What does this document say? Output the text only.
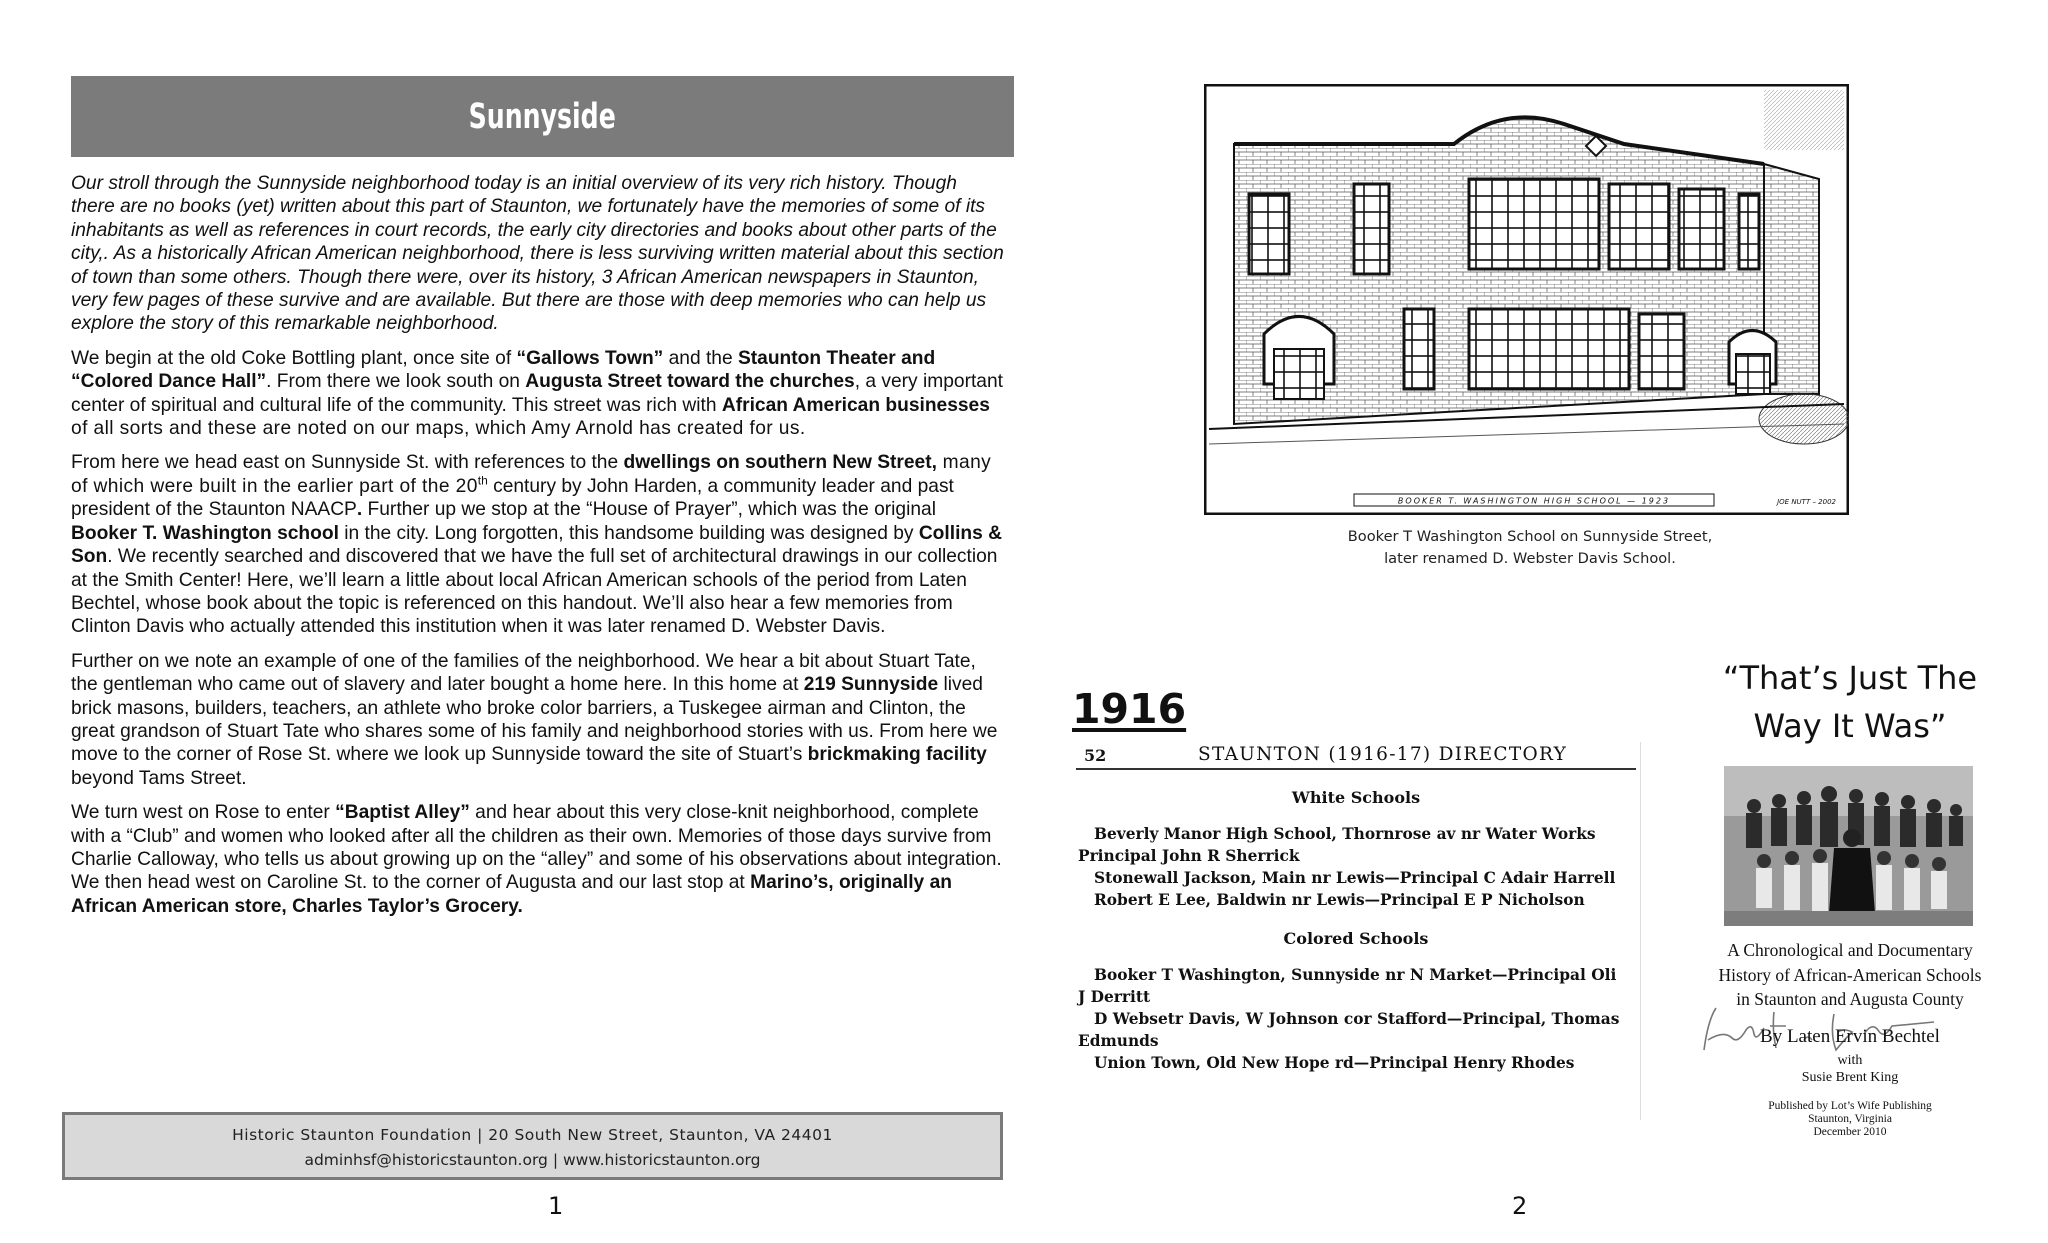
Sunnyside

Our stroll through the Sunnyside neighborhood today is an initial overview of its very rich history. Though there are no books (yet) written about this part of Staunton, we fortunately have the memories of some of its inhabitants as well as references in court records, the early city directories and books about other parts of the city,. As a historically African American neighborhood, there is less surviving written material about this section of town than some others. Though there were, over its history, 3 African American newspapers in Staunton, very few pages of these survive and are available. But there are those with deep memories who can help us explore the story of this remarkable neighborhood.

We begin at the old Coke Bottling plant, once site of “Gallows Town” and the Staunton Theater and “Colored Dance Hall”. From there we look south on Augusta Street toward the churches, a very important center of spiritual and cultural life of the community. This street was rich with African American businesses of all sorts and these are noted on our maps, which Amy Arnold has created for us.

From here we head east on Sunnyside St. with references to the dwellings on southern New Street, many of which were built in the earlier part of the 20th century by John Harden, a community leader and past president of the Staunton NAACP. Further up we stop at the “House of Prayer”, which was the original Booker T. Washington school in the city. Long forgotten, this handsome building was designed by Collins & Son. We recently searched and discovered that we have the full set of architectural drawings in our collection at the Smith Center! Here, we’ll learn a little about local African American schools of the period from Laten Bechtel, whose book about the topic is referenced on this handout. We’ll also hear a few memories from Clinton Davis who actually attended this institution when it was later renamed D. Webster Davis.

Further on we note an example of one of the families of the neighborhood. We hear a bit about Stuart Tate, the gentleman who came out of slavery and later bought a home here. In this home at 219 Sunnyside lived brick masons, builders, teachers, an athlete who broke color barriers, a Tuskegee airman and Clinton, the great grandson of Stuart Tate who shares some of his family and neighborhood stories with us. From here we move to the corner of Rose St. where we look up Sunnyside toward the site of Stuart’s brickmaking facility beyond Tams Street.

We turn west on Rose to enter “Baptist Alley” and hear about this very close-knit neighborhood, complete with a “Club” and women who looked after all the children as their own. Memories of those days survive from Charlie Calloway, who tells us about growing up on the “alley” and some of his observations about integration. We then head west on Caroline St. to the corner of Augusta and our last stop at Marino’s, originally an African American store, Charles Taylor’s Grocery.

Historic Staunton Foundation | 20 South New Street, Staunton, VA 24401
adminhsf@historicstaunton.org | www.historicstaunton.org
1
BOOKER T. WASHINGTON HIGH SCHOOL — 1923	JOE NUTT – 2002
Booker T Washington School on Sunnyside Street,
later renamed D. Webster Davis School.
1916
52	STAUNTON (1916-17) DIRECTORY
White Schools
Beverly Manor High School, Thornrose av nr Water Works
Principal John R Sherrick
Stonewall Jackson, Main nr Lewis—Principal C Adair Harrell
Robert E Lee, Baldwin nr Lewis—Principal E P Nicholson
Colored Schools
Booker T Washington, Sunnyside nr N Market—Principal Oli
J Derritt
D Websetr Davis, W Johnson cor Stafford—Principal, Thomas
Edmunds
Union Town, Old New Hope rd—Principal Henry Rhodes
“That’s Just The
Way It Was”
A Chronological and Documentary
History of African-American Schools
in Staunton and Augusta County
By Laten Ervin Bechtel
with
Susie Brent King
Published by Lot’s Wife Publishing
Staunton, Virginia
December 2010
2
